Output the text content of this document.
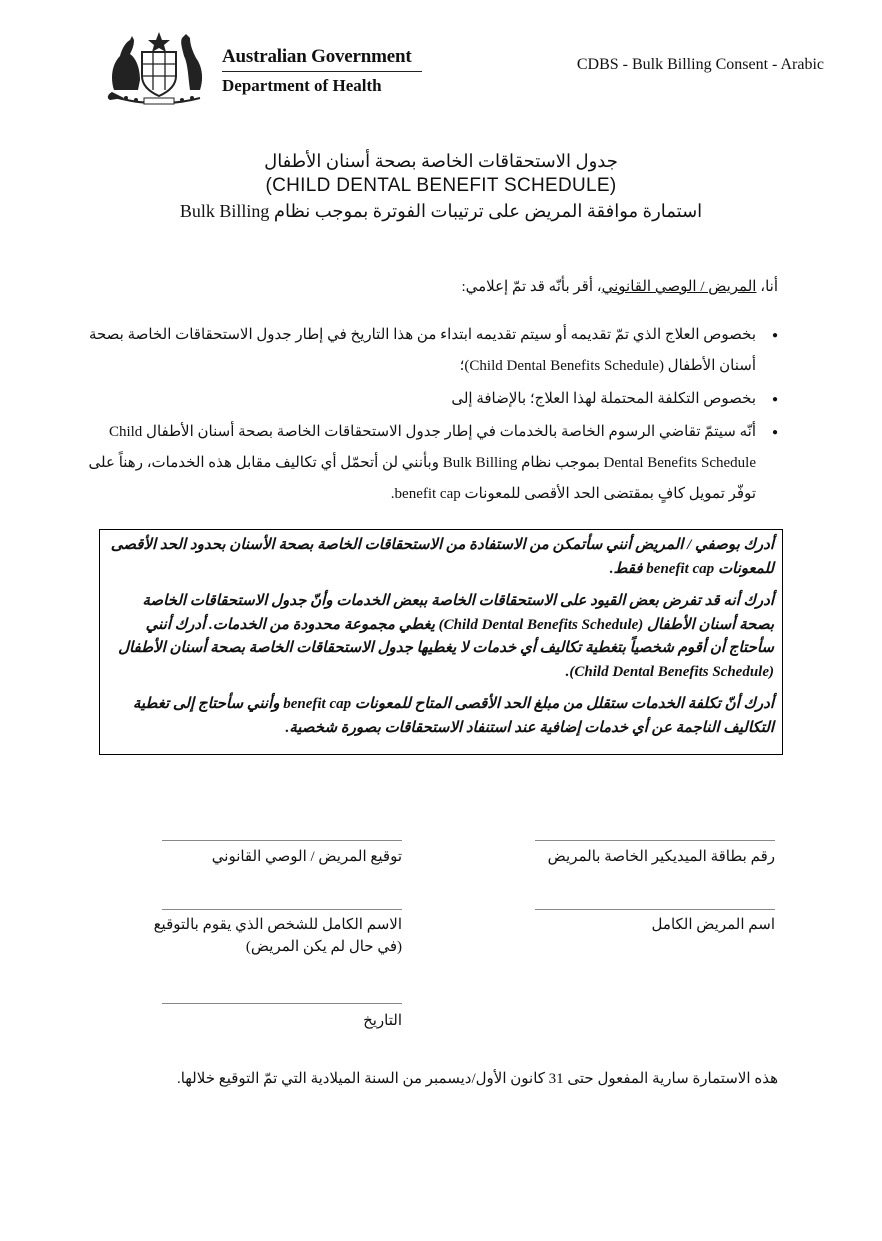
Australian Government
Department of Health
CDBS - Bulk Billing Consent - Arabic
جدول الاستحقاقات الخاصة بصحة أسنان الأطفال
(CHILD DENTAL BENEFIT SCHEDULE)
استمارة موافقة المريض على ترتيبات الفوترة بموجب نظام Bulk Billing
أنا، المريض / الوصي القانوني، أقر بأنّه قد تمّ إعلامي:
● بخصوص العلاج الذي تمّ تقديمه أو سيتم تقديمه ابتداء من هذا التاريخ في إطار جدول الاستحقاقات الخاصة بصحة أسنان الأطفال (Child Dental Benefits Schedule)؛
● بخصوص التكلفة المحتملة لهذا العلاج؛ بالإضافة إلى
● أنّه سيتمّ تقاضي الرسوم الخاصة بالخدمات في إطار جدول الاستحقاقات الخاصة بصحة أسنان الأطفال Child Dental Benefits Schedule بموجب نظام Bulk Billing وبأنني لن أتحمّل أي تكاليف مقابل هذه الخدمات، رهناً على توفّر تمويل كافٍ بمقتضى الحد الأقصى للمعونات benefit cap.

أدرك بوصفي / المريض أنني سأتمكن من الاستفادة من الاستحقاقات الخاصة بصحة الأسنان بحدود الحد الأقصى للمعونات benefit cap فقط.

أدرك أنه قد تفرض بعض القيود على الاستحقاقات الخاصة ببعض الخدمات وأنّ جدول الاستحقاقات الخاصة بصحة أسنان الأطفال (Child Dental Benefits Schedule) يغطي مجموعة محدودة من الخدمات. أدرك أنني سأحتاج أن أقوم شخصياً بتغطية تكاليف أي خدمات لا يغطيها جدول الاستحقاقات الخاصة بصحة أسنان الأطفال (Child Dental Benefits Schedule).

أدرك أنّ تكلفة الخدمات ستقلل من مبلغ الحد الأقصى المتاح للمعونات benefit cap وأنني سأحتاج إلى تغطية التكاليف الناجمة عن أي خدمات إضافية عند استنفاد الاستحقاقات بصورة شخصية.

رقم بطاقة الميديكير الخاصة بالمريض
توقيع المريض / الوصي القانوني
اسم المريض الكامل
الاسم الكامل للشخص الذي يقوم بالتوقيع
(في حال لم يكن المريض)
التاريخ
هذه الاستمارة سارية المفعول حتى 31 كانون الأول/ديسمبر من السنة الميلادية التي تمّ التوقيع خلالها.
